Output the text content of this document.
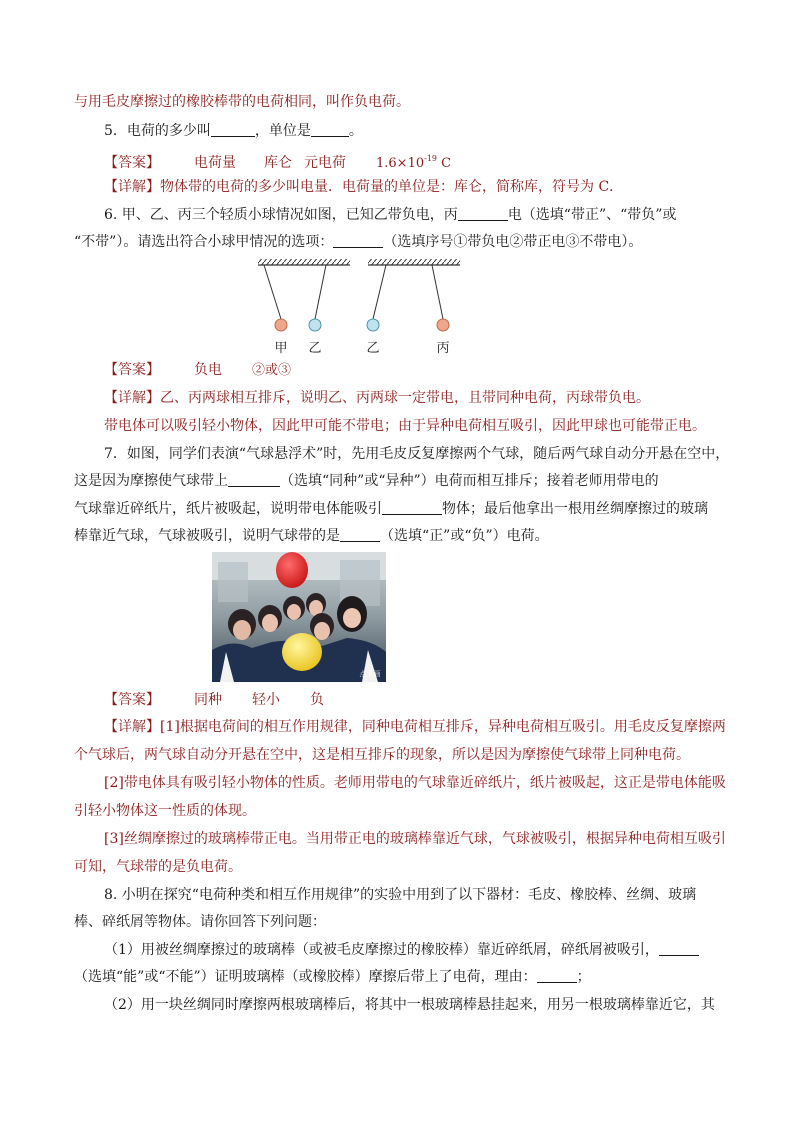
与用毛皮摩擦过的橡胶棒带的电荷相同，叫作负电荷。
5．电荷的多少叫	，单位是	。
【答案】 电荷量 库仑 元电荷 $1.6\times 10^{-19}$ C
【详解】物体带的电荷的多少叫电量．电荷量的单位是：库仑，简称库，符号为 C．
6. 甲、乙、丙三个轻质小球情况如图，已知乙带负电，丙	电（选填“带正”、“带负”或
“不带”）。请选出符合小球甲情况的选项：	（选填序号①带负电②带正电③不带电）。
甲 乙	乙	丙
【答案】 负电 ②或③
【详解】乙、丙两球相互排斥，说明乙、丙两球一定带电，且带同种电荷，丙球带负电。
带电体可以吸引轻小物体，因此甲可能不带电；由于异种电荷相互吸引，因此甲球也可能带正电。
7．如图，同学们表演“气球悬浮术”时，先用毛皮反复摩擦两个气球，随后两气球自动分开悬在空中，
这是因为摩擦使气球带上	（选填“同种”或“异种”）电荷而相互排斥；接着老师用带电的
气球靠近碎纸片，纸片被吸起，说明带电体能吸引	物体；最后他拿出一根用丝绸摩擦过的玻璃
棒靠近气球，气球被吸引，说明气球带的是	（选填“正”或“负”）电荷。
点米画
【答案】 同种 轻小 负
【详解】[1]根据电荷间的相互作用规律，同种电荷相互排斥，异种电荷相互吸引。用毛皮反复摩擦两
个气球后，两气球自动分开悬在空中，这是相互排斥的现象，所以是因为摩擦使气球带上同种电荷。
[2]带电体具有吸引轻小物体的性质。老师用带电的气球靠近碎纸片，纸片被吸起，这正是带电体能吸
引轻小物体这一性质的体现。
[3]丝绸摩擦过的玻璃棒带正电。当用带正电的玻璃棒靠近气球，气球被吸引，根据异种电荷相互吸引
可知，气球带的是负电荷。
8. 小明在探究“电荷种类和相互作用规律”的实验中用到了以下器材：毛皮、橡胶棒、丝绸、玻璃
棒、碎纸屑等物体。请你回答下列问题：
（1）用被丝绸摩擦过的玻璃棒（或被毛皮摩擦过的橡胶棒）靠近碎纸屑，碎纸屑被吸引，
（选填“能”或“不能”）证明玻璃棒（或橡胶棒）摩擦后带上了电荷，理由：	；
（2）用一块丝绸同时摩擦两根玻璃棒后，将其中一根玻璃棒悬挂起来，用另一根玻璃棒靠近它，其
